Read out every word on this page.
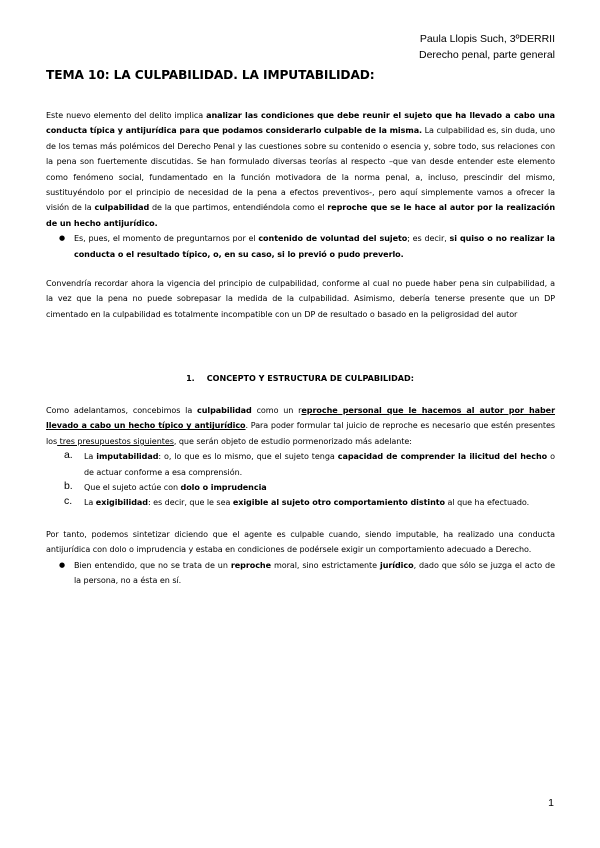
Paula Llopis Such, 3ºDERRII
Derecho penal, parte general
TEMA 10: LA CULPABILIDAD. LA IMPUTABILIDAD:

Este nuevo elemento del delito implica analizar las condiciones que debe reunir el sujeto que ha llevado a cabo una conducta típica y antijurídica para que podamos considerarlo culpable de la misma. La culpabilidad es, sin duda, uno de los temas más polémicos del Derecho Penal y las cuestiones sobre su contenido o esencia y, sobre todo, sus relaciones con la pena son fuertemente discutidas. Se han formulado diversas teorías al respecto –que van desde entender este elemento como fenómeno social, fundamentado en la función motivadora de la norma penal, a, incluso, prescindir del mismo, sustituyéndolo por el principio de necesidad de la pena a efectos preventivos-, pero aquí simplemente vamos a ofrecer la visión de la culpabilidad de la que partimos, entendiéndola como el reproche que se le hace al autor por la realización de un hecho antijurídico.

● Es, pues, el momento de preguntarnos por el contenido de voluntad del sujeto; es decir, si quiso o no realizar la conducta o el resultado típico, o, en su caso, si lo previó o pudo preverlo.

Convendría recordar ahora la vigencia del principio de culpabilidad, conforme al cual no puede haber pena sin culpabilidad, a la vez que la pena no puede sobrepasar la medida de la culpabilidad. Asimismo, debería tenerse presente que un DP cimentado en la culpabilidad es totalmente incompatible con un DP de resultado o basado en la peligrosidad del autor

1. CONCEPTO Y ESTRUCTURA DE CULPABILIDAD:

Como adelantamos, concebimos la culpabilidad como un reproche personal que le hacemos al autor por haber llevado a cabo un hecho típico y antijurídico. Para poder formular tal juicio de reproche es necesario que estén presentes los tres presupuestos siguientes, que serán objeto de estudio pormenorizado más adelante:

a. La imputabilidad: o, lo que es lo mismo, que el sujeto tenga capacidad de comprender la ilicitud del hecho o de actuar conforme a esa comprensión.
b. Que el sujeto actúe con dolo o imprudencia
c. La exigibilidad: es decir, que le sea exigible al sujeto otro comportamiento distinto al que ha efectuado.

Por tanto, podemos sintetizar diciendo que el agente es culpable cuando, siendo imputable, ha realizado una conducta antijurídica con dolo o imprudencia y estaba en condiciones de podérsele exigir un comportamiento adecuado a Derecho.

● Bien entendido, que no se trata de un reproche moral, sino estrictamente jurídico, dado que sólo se juzga el acto de la persona, no a ésta en sí.
1
